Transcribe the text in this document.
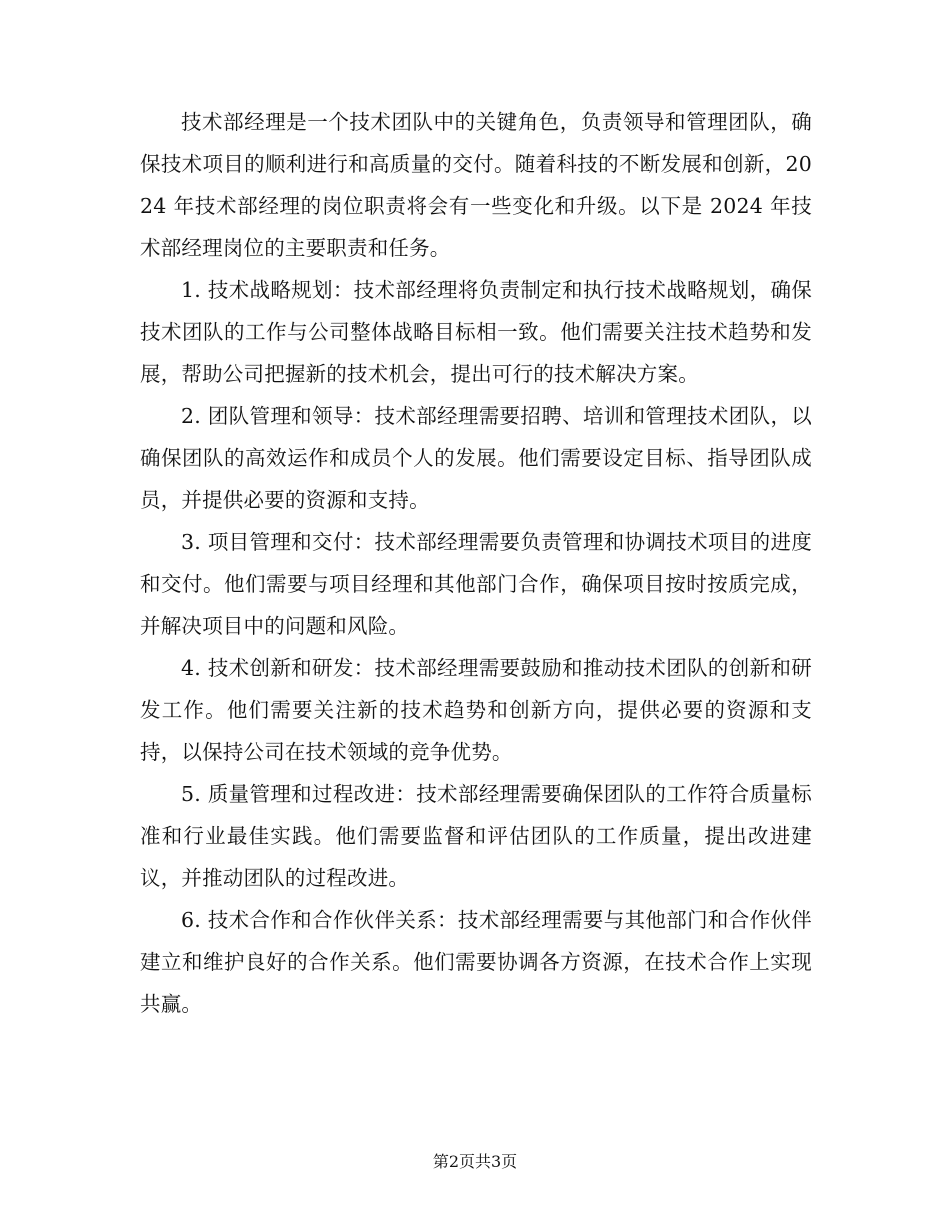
技术部经理是一个技术团队中的关键角色，负责领导和管理团队，确保技术项目的顺利进行和高质量的交付。随着科技的不断发展和创新，2024 年技术部经理的岗位职责将会有一些变化和升级。以下是 2024 年技术部经理岗位的主要职责和任务。

1. 技术战略规划：技术部经理将负责制定和执行技术战略规划，确保技术团队的工作与公司整体战略目标相一致。他们需要关注技术趋势和发展，帮助公司把握新的技术机会，提出可行的技术解决方案。

2. 团队管理和领导：技术部经理需要招聘、培训和管理技术团队，以确保团队的高效运作和成员个人的发展。他们需要设定目标、指导团队成员，并提供必要的资源和支持。

3. 项目管理和交付：技术部经理需要负责管理和协调技术项目的进度和交付。他们需要与项目经理和其他部门合作，确保项目按时按质完成，并解决项目中的问题和风险。

4. 技术创新和研发：技术部经理需要鼓励和推动技术团队的创新和研发工作。他们需要关注新的技术趋势和创新方向，提供必要的资源和支持，以保持公司在技术领域的竞争优势。

5. 质量管理和过程改进：技术部经理需要确保团队的工作符合质量标准和行业最佳实践。他们需要监督和评估团队的工作质量，提出改进建议，并推动团队的过程改进。

6. 技术合作和合作伙伴关系：技术部经理需要与其他部门和合作伙伴建立和维护良好的合作关系。他们需要协调各方资源，在技术合作上实现共赢。

第2页共3页
